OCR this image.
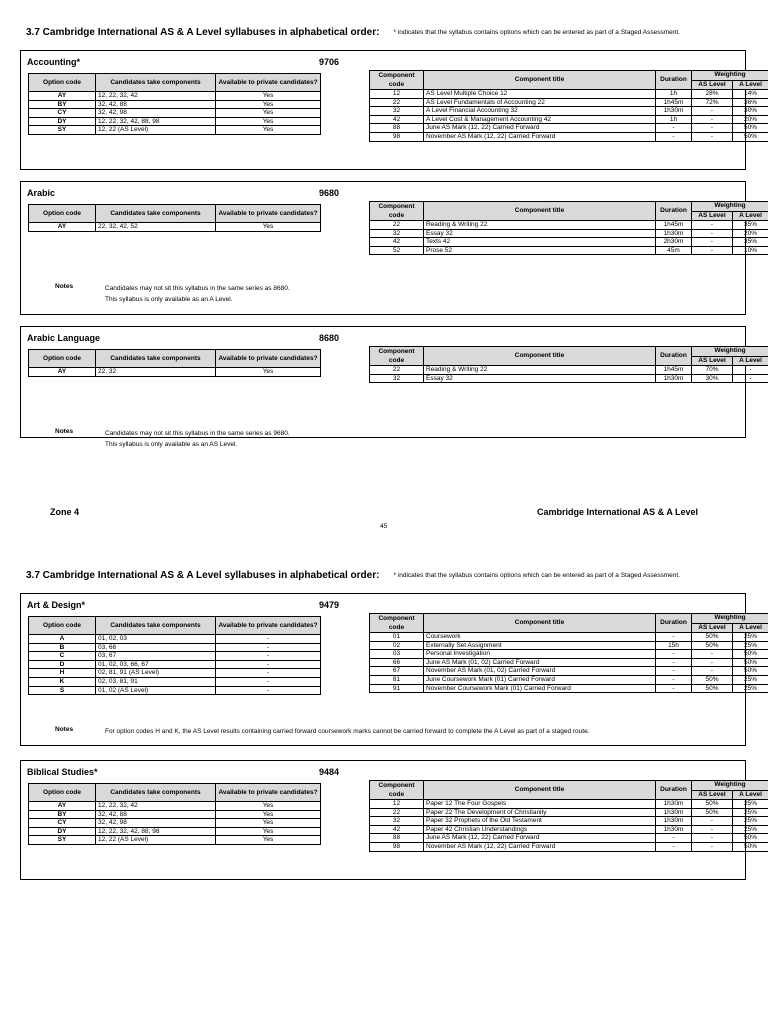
3.7 Cambridge International AS & A Level syllabuses in alphabetical order: * indicates that the syllabus contains options which can be entered as part of a Staged Assessment.
3.7 Cambridge International AS & A Level syllabuses in alphabetical order: * indicates that the syllabus contains options which can be entered as part of a Staged Assessment.
Zone 4	Cambridge International AS & A Level
45
Accounting*	9706
Option code	Candidates take components	Available to private candidates?
AY	12, 22, 32, 42	Yes
BY	32, 42, 88	Yes
CY	32, 42, 98	Yes
DY	12, 22, 32, 42, 88, 98	Yes
SY	12, 22 (AS Level)	Yes
Component code	Component title	Duration	Weighting	
			AS Level	A Level
12	AS Level Multiple Choice 12	1h	28%	14%
22	AS Level Fundamentals of Accounting 22	1h45m	72%	36%
32	A Level Financial Accounting 32	1h30m	-	30%
42	A Level Cost & Management Accounting 42	1h	-	20%
88	June AS Mark (12, 22) Carried Forward	-	-	50%
98	November AS Mark (12, 22) Carried Forward	-	-	50%
Arabic	9680
Option code	Candidates take components	Available to private candidates?
AY	22, 32, 42, 52	Yes
Component code	Component title	Duration	Weighting	
			AS Level	A Level
22	Reading & Writing 22	1h45m	-	35%
32	Essay 32	1h30m	-	20%
42	Texts 42	2h30m	-	35%
52	Prose 52	45m	-	10%
Notes	Candidates may not sit this syllabus in the same series as 8680.
This syllabus is only available as an A Level.
Arabic Language	8680
Option code	Candidates take components	Available to private candidates?
AY	22, 32	Yes
Component code	Component title	Duration	Weighting	
			AS Level	A Level
22	Reading & Writing 22	1h45m	70%	-
32	Essay 32	1h30m	30%	-
Notes	Candidates may not sit this syllabus in the same series as 9680.
This syllabus is only available as an AS Level.
Art & Design*	9479
Option code	Candidates take components	Available to private candidates?
A	01, 02, 03	-
B	03, 66	-
C	03, 67	-
D	01, 02, 03, 66, 67	-
H	02, 81, 91 (AS Level)	-
K	02, 03, 81, 91	-
S	01, 02 (AS Level)	-
Component code	Component title	Duration	Weighting	
			AS Level	A Level
01	Coursework	-	50%	25%
02	Externally Set Assignment	15h	50%	25%
03	Personal Investigation	-	-	50%
66	June AS Mark (01, 02) Carried Forward	-	-	50%
67	November AS Mark (01, 02) Carried Forward	-	-	50%
81	June Coursework Mark (01) Carried Forward	-	50%	25%
91	November Coursework Mark (01) Carried Forward	-	50%	25%
Notes	For option codes H and K, the AS Level results containing carried forward coursework marks cannot be carried forward to complete the A Level as part of a staged route.
Biblical Studies*	9484
Option code	Candidates take components	Available to private candidates?
AY	12, 22, 32, 42	Yes
BY	32, 42, 88	Yes
CY	32, 42, 98	Yes
DY	12, 22, 32, 42, 88, 98	Yes
SY	12, 22 (AS Level)	Yes
Component code	Component title	Duration	Weighting	
			AS Level	A Level
12	Paper 12 The Four Gospels	1h30m	50%	25%
22	Paper 22 The Development of Christianity	1h30m	50%	25%
32	Paper 32 Prophets of the Old Testament	1h30m	-	25%
42	Paper 42 Christian Understandings	1h30m	-	25%
88	June AS Mark (12, 22) Carried Forward	-	-	50%
98	November AS Mark (12, 22) Carried Forward	-	-	50%
